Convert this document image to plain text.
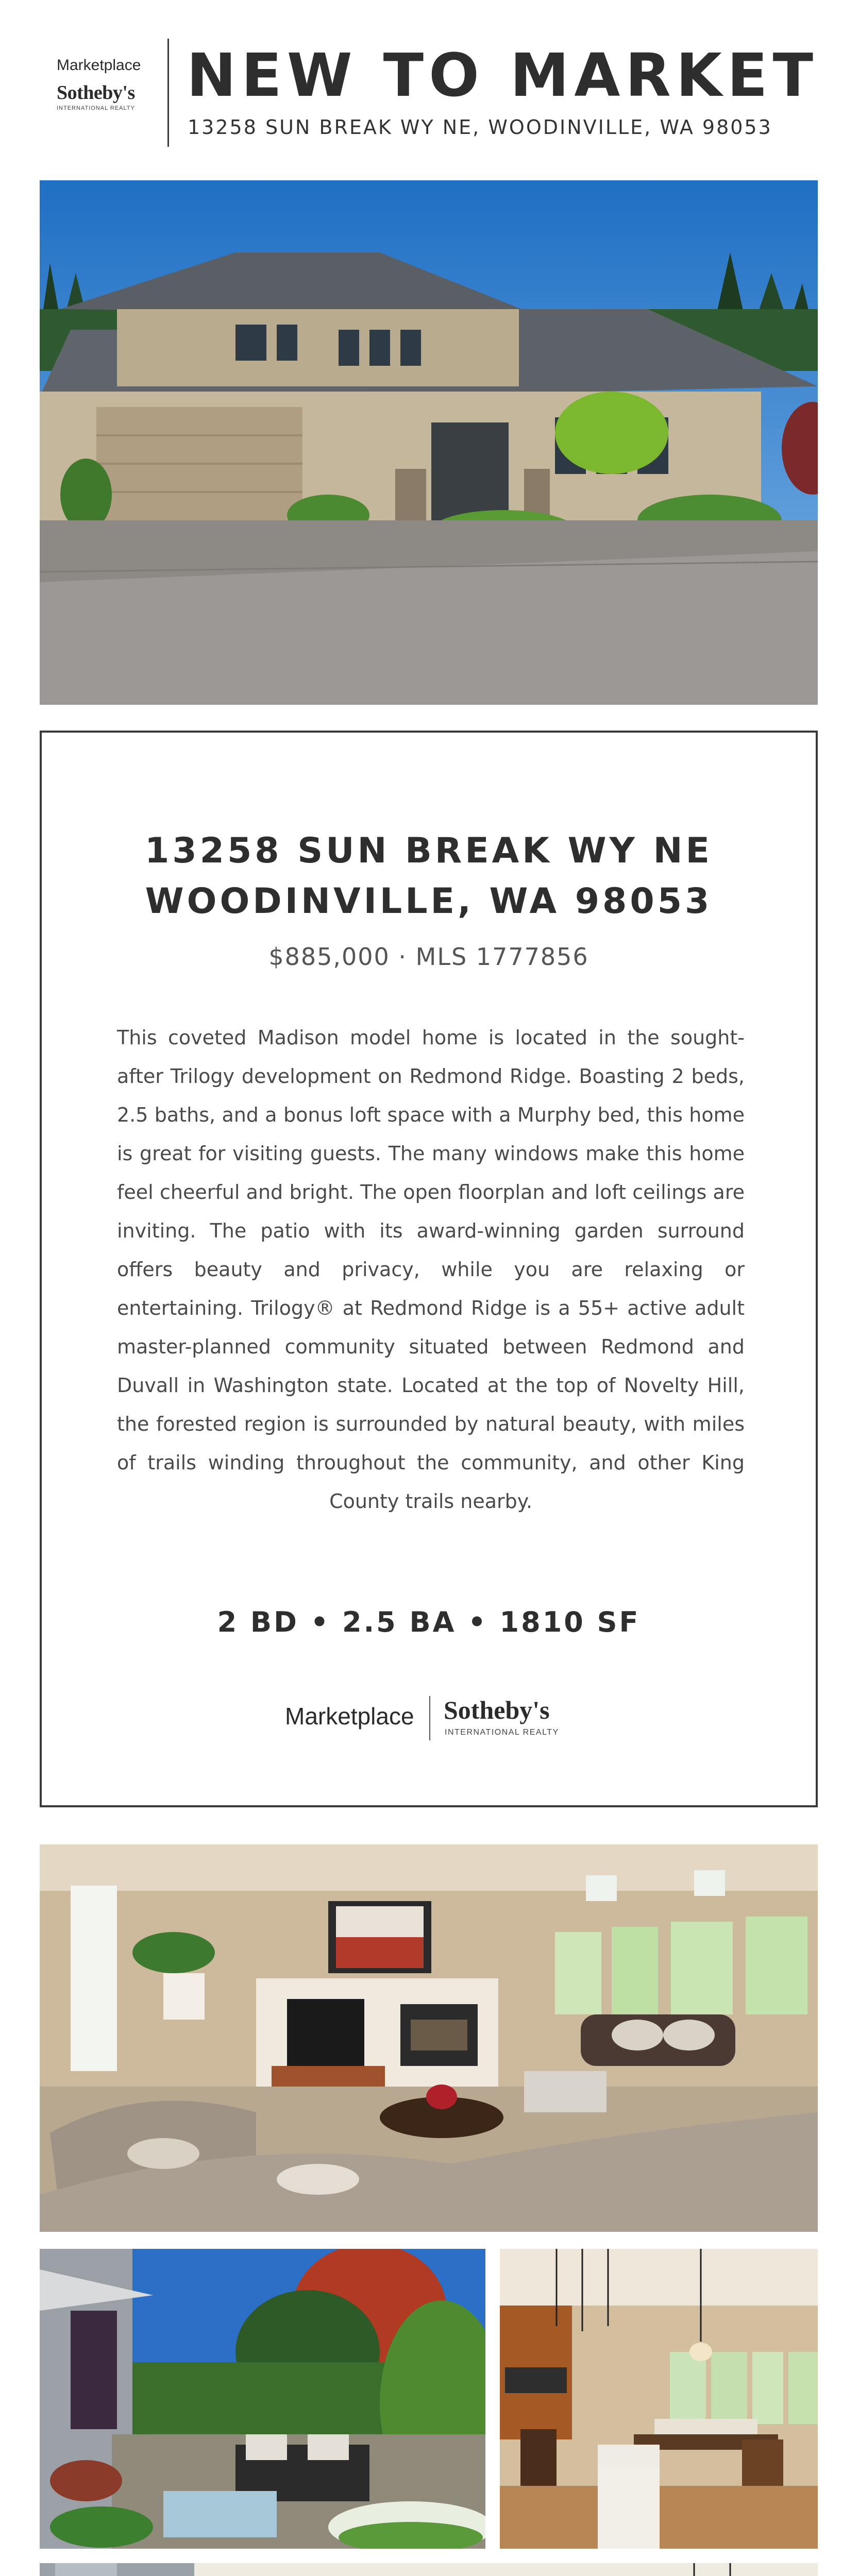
Marketplace
Sotheby's
INTERNATIONAL REALTY NEW TO MARKET
13258 SUN BREAK WY NE, WOODINVILLE, WA 98053
13258 SUN BREAK WY NE
WOODINVILLE, WA 98053
$885,000 · MLS 1777856
This coveted Madison model home is located in the sought-after Trilogy development on Redmond Ridge. Boasting 2 beds, 2.5 baths, and a bonus loft space with a Murphy bed, this home is great for visiting guests. The many windows make this home feel cheerful and bright. The open floorplan and loft ceilings are inviting. The patio with its award-winning garden surround offers beauty and privacy, while you are relaxing or entertaining. Trilogy® at Redmond Ridge is a 55+ active adult master-planned community situated between Redmond and Duvall in Washington state. Located at the top of Novelty Hill, the forested region is surrounded by natural beauty, with miles of trails winding throughout the community, and other King County trails nearby.
2 BD • 2.5 BA • 1810 SF
Marketplace Sotheby's
INTERNATIONAL REALTY
